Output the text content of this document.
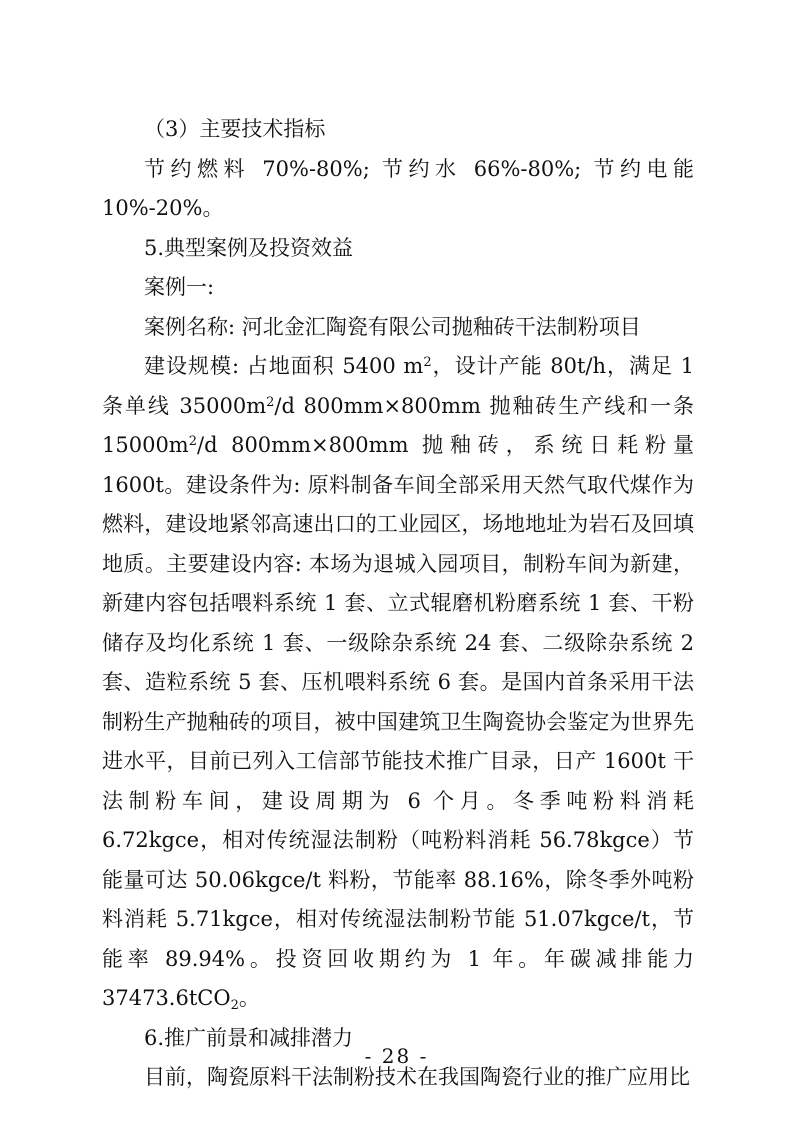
（3）主要技术指标

节约燃料 70%-80%; 节约水 66%-80%; 节约电能 10%-20%。

5.典型案例及投资效益

案例一:

案例名称: 河北金汇陶瓷有限公司抛釉砖干法制粉项目

建设规模: 占地面积 5400 $m^2$，设计产能 80t/h，满足 1 条单线 $35000m^2/d$ 800mm×800mm 抛釉砖生产线和一条 $15000m^2/d$ 800mm×800mm 抛釉砖，系统日耗粉量 1600t。建设条件为: 原料制备车间全部采用天然气取代煤作为燃料，建设地紧邻高速出口的工业园区，场地地址为岩石及回填地质。主要建设内容: 本场为退城入园项目，制粉车间为新建，新建内容包括喂料系统 1 套、立式辊磨机粉磨系统 1 套、干粉储存及均化系统 1 套、一级除杂系统 24 套、二级除杂系统 2 套、造粒系统 5 套、压机喂料系统 6 套。是国内首条采用干法制粉生产抛釉砖的项目，被中国建筑卫生陶瓷协会鉴定为世界先进水平，目前已列入工信部节能技术推广目录，日产 1600t 干法制粉车间，建设周期为 6 个月。冬季吨粉料消耗 6.72kgce，相对传统湿法制粉（吨粉料消耗 56.78kgce）节能量可达 50.06kgce/t 料粉，节能率 88.16%，除冬季外吨粉料消耗 5.71kgce，相对传统湿法制粉节能 51.07kgce/t，节能率 89.94%。投资回收期约为 1 年。年碳减排能力 37473.6tCO$_2$。

6.推广前景和减排潜力

目前，陶瓷原料干法制粉技术在我国陶瓷行业的推广应用比

- 28 -
